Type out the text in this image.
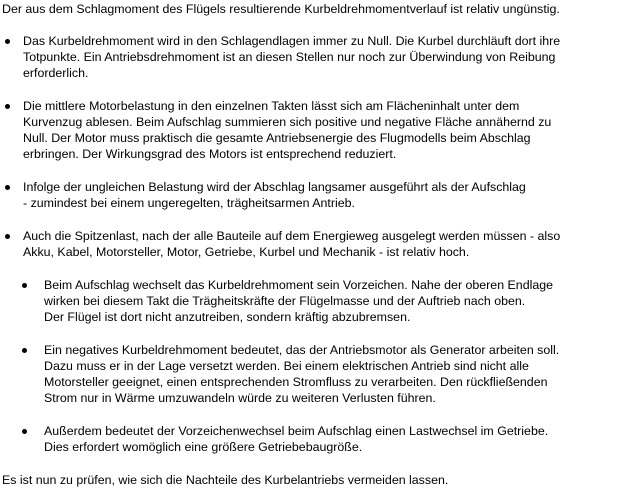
Der aus dem Schlagmoment des Flügels resultierende Kurbeldrehmomentverlauf ist relativ ungünstig.

Das Kurbeldrehmoment wird in den Schlagendlagen immer zu Null. Die Kurbel durchläuft dort ihre
Totpunkte. Ein Antriebsdrehmoment ist an diesen Stellen nur noch zur Überwindung von Reibung
erforderlich.
Die mittlere Motorbelastung in den einzelnen Takten lässt sich am Flächeninhalt unter dem
Kurvenzug ablesen. Beim Aufschlag summieren sich positive und negative Fläche annähernd zu
Null. Der Motor muss praktisch die gesamte Antriebsenergie des Flugmodells beim Abschlag
erbringen. Der Wirkungsgrad des Motors ist entsprechend reduziert.
Infolge der ungleichen Belastung wird der Abschlag langsamer ausgeführt als der Aufschlag
- zumindest bei einem ungeregelten, trägheitsarmen Antrieb.
Auch die Spitzenlast, nach der alle Bauteile auf dem Energieweg ausgelegt werden müssen - also
Akku, Kabel, Motorsteller, Motor, Getriebe, Kurbel und Mechanik - ist relativ hoch.
Beim Aufschlag wechselt das Kurbeldrehmoment sein Vorzeichen. Nahe der oberen Endlage
wirken bei diesem Takt die Trägheitskräfte der Flügelmasse und der Auftrieb nach oben.
Der Flügel ist dort nicht anzutreiben, sondern kräftig abzubremsen.
Ein negatives Kurbeldrehmoment bedeutet, das der Antriebsmotor als Generator arbeiten soll.
Dazu muss er in der Lage versetzt werden. Bei einem elektrischen Antrieb sind nicht alle
Motorsteller geeignet, einen entsprechenden Stromfluss zu verarbeiten. Den rückfließenden
Strom nur in Wärme umzuwandeln würde zu weiteren Verlusten führen.
Außerdem bedeutet der Vorzeichenwechsel beim Aufschlag einen Lastwechsel im Getriebe.
Dies erfordert womöglich eine größere Getriebebaugröße.

Es ist nun zu prüfen, wie sich die Nachteile des Kurbelantriebs vermeiden lassen.
